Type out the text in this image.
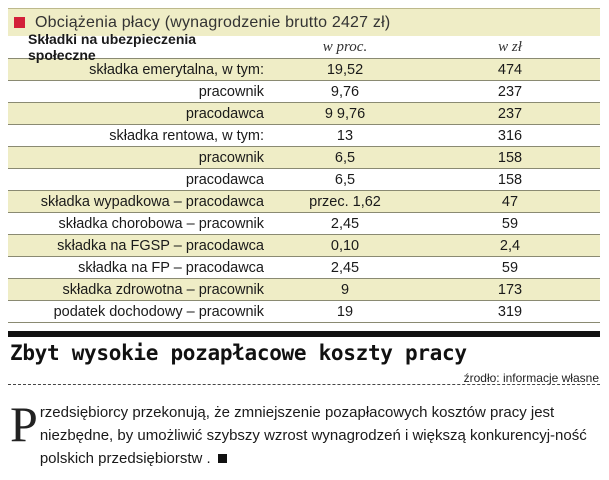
Obciążenia płacy (wynagrodzenie brutto 2427 zł)
Składki na ubezpieczenia społeczne
w proc.	w zł
składka emerytalna, w tym:	19,52	474
pracownik	9,76	237
pracodawca	9 9,76	237
składka rentowa, w tym:	13	316
pracownik	6,5	158
pracodawca	6,5	158
składka wypadkowa – pracodawca	przec. 1,62	47
składka chorobowa – pracownik	2,45	59
składka na FGSP – pracodawca	0,10	2,4
składka na FP – pracodawca	2,45	59
składka zdrowotna – pracownik	9	173
podatek dochodowy – pracownik	19	319
Zbyt wysokie pozapłacowe koszty pracy
źrodło: informacje własne
P rzedsiębiorcy przekonują, że zmniejszenie pozapłacowych kosztów pracy jest niezbędne, by umożliwić szybszy wzrost wynagrodzeń i większą konkurencyj-ność polskich przedsiębiorstw .
